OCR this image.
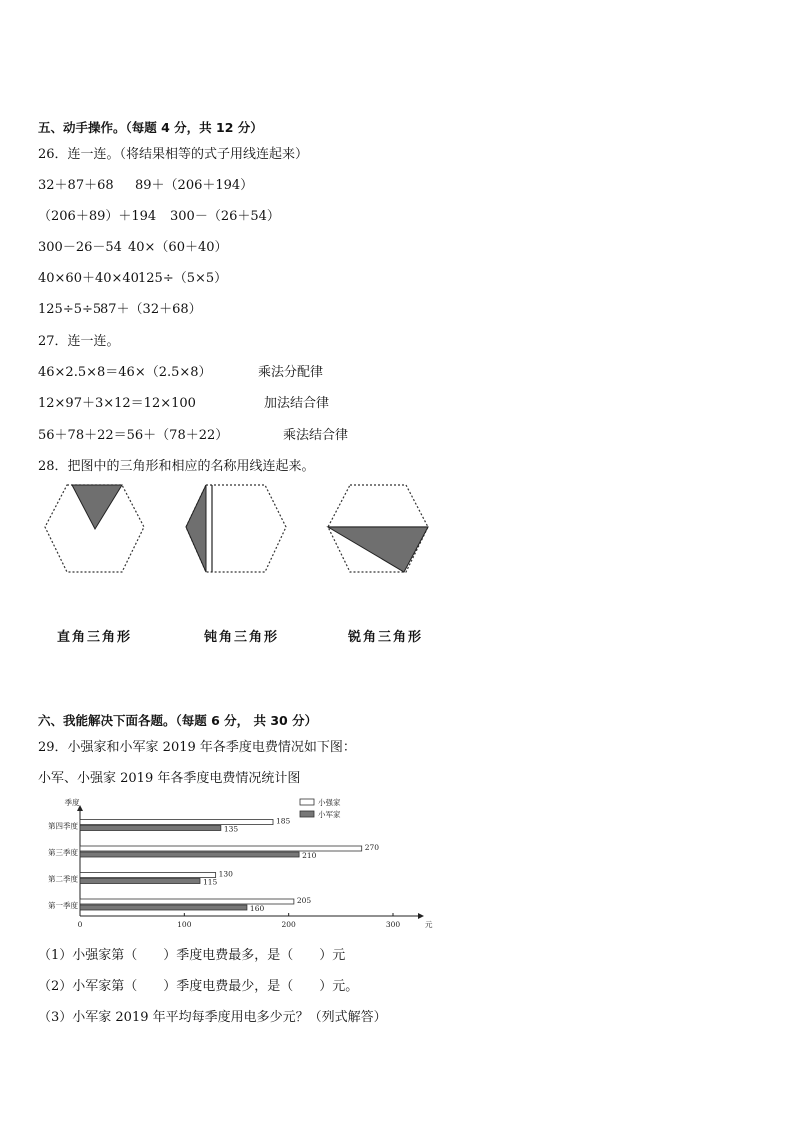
五、动手操作。（每题 4 分，共 12 分）
26．连一连。（将结果相等的式子用线连起来）
32＋87＋68 89＋（206＋194）
（206＋89）＋194 300－（26＋54）
300－26－54 40×（60＋40）
40×60＋40×40 125÷（5×5）
125÷5÷5
87＋（32＋68）
27．连一连。
46×2.5×8＝46×（2.5×8）	乘法分配律
12×97＋3×12＝12×100	加法结合律
56＋78＋22＝56＋（78＋22）	乘法结合律
28．把图中的三角形和相应的名称用线连起来。
直角三角形	钝角三角形	锐角三角形
六、我能解决下面各题。（每题 6 分， 共 30 分）
29．小强家和小军家 2019 年各季度电费情况如下图：
小军、小强家 2019 年各季度电费情况统计图
季度
元
0	100	200	300
205
160
第一季度
130
115
第二季度
270
210
第三季度
185
135
第四季度
小强家
小军家
（1）小强家第（　　）季度电费最多，是（　　）元
（2）小军家第（　　）季度电费最少，是（　　）元。
（3）小军家 2019 年平均每季度用电多少元？（列式解答）
